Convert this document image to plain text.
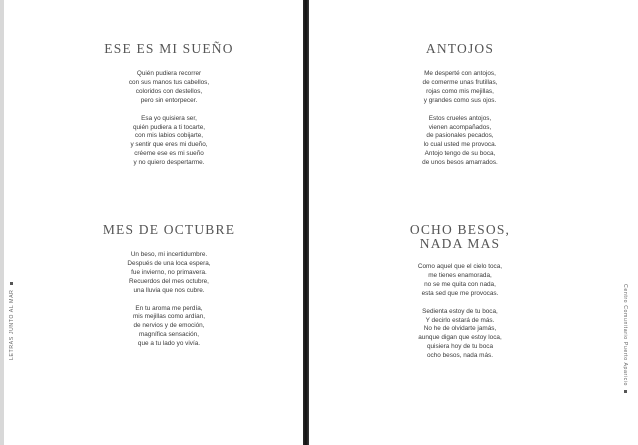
ESE ES MI SUEÑO
Quién pudiera recorrer
con sus manos tus cabellos,
coloridos con destellos,
pero sin entorpecer.
Esa yo quisiera ser,
quién pudiera a ti tocarte,
con mis labios cobijarte,
y sentir que eres mi dueño,
créeme ese es mi sueño
y no quiero despertarme.
MES DE OCTUBRE
Un beso, mi incertidumbre.
Después de una loca espera,
fue invierno, no primavera.
Recuerdos del mes octubre,
una lluvia que nos cubre.
En tu aroma me perdía,
mis mejillas como ardían,
de nervios y de emoción,
magnífica sensación,
que a tu lado yo vivía.
ANTOJOS
Me desperté con antojos,
de comerme unas frutillas,
rojas como mis mejillas,
y grandes como sus ojos.
Estos crueles antojos,
vienen acompañados,
de pasionales pecados,
lo cual usted me provoca.
Antojo tengo de su boca,
de unos besos amarrados.
OCHO BESOS, NADA MAS
Como aquel que el cielo toca,
me tienes enamorada,
no se me quita con nada,
esta sed que me provocas.
Sedienta estoy de tu boca,
Y decirlo estará de más.
No he de olvidarte jamás,
aunque digan que estoy loca,
quisiera hoy de tu boca
ocho besos, nada más.
LETRAS JUNTO AL MAR	Centro Comunitario Puerto Aparicio
